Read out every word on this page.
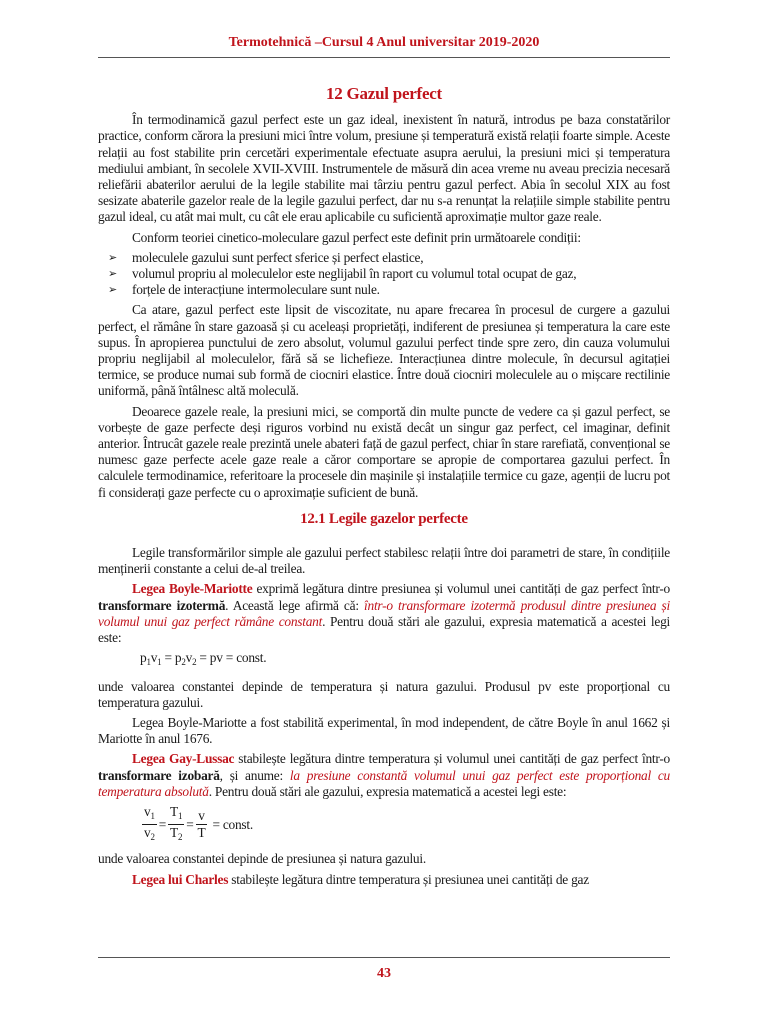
Termotehnică –Cursul 4 Anul universitar 2019-2020
12 Gazul perfect

În termodinamică gazul perfect este un gaz ideal, inexistent în natură, introdus pe baza constatărilor practice, conform cărora la presiuni mici între volum, presiune și temperatură există relații foarte simple. Aceste relații au fost stabilite prin cercetări experimentale efectuate asupra aerului, la presiuni mici și temperatura mediului ambiant, în secolele XVII-XVIII. Instrumentele de măsură din acea vreme nu aveau precizia necesară reliefării abaterilor aerului de la legile stabilite mai târziu pentru gazul perfect. Abia în secolul XIX au fost sesizate abaterile gazelor reale de la legile gazului perfect, dar nu s-a renunțat la relațiile simple stabilite pentru gazul ideal, cu atât mai mult, cu cât ele erau aplicabile cu suficientă aproximație multor gaze reale.

Conform teoriei cinetico-moleculare gazul perfect este definit prin următoarele condiții:

➢ moleculele gazului sunt perfect sferice și perfect elastice,
➢ volumul propriu al moleculelor este neglijabil în raport cu volumul total ocupat de gaz,
➢ forțele de interacțiune intermoleculare sunt nule.

Ca atare, gazul perfect este lipsit de viscozitate, nu apare frecarea în procesul de curgere a gazului perfect, el rămâne în stare gazoasă și cu aceleași proprietăți, indiferent de presiunea și temperatura la care este supus. În apropierea punctului de zero absolut, volumul gazului perfect tinde spre zero, din cauza volumului propriu neglijabil al moleculelor, fără să se lichefieze. Interacțiunea dintre molecule, în decursul agitației termice, se produce numai sub formă de ciocniri elastice. Între două ciocniri moleculele au o mișcare rectilinie uniformă, până întâlnesc altă moleculă.

Deoarece gazele reale, la presiuni mici, se comportă din multe puncte de vedere ca și gazul perfect, se vorbește de gaze perfecte deși riguros vorbind nu există decât un singur gaz perfect, cel imaginar, definit anterior. Întrucât gazele reale prezintă unele abateri față de gazul perfect, chiar în stare rarefiată, convențional se numesc gaze perfecte acele gaze reale a căror comportare se apropie de comportarea gazului perfect. În calculele termodinamice, referitoare la procesele din mașinile și instalațiile termice cu gaze, agenții de lucru pot fi considerați gaze perfecte cu o aproximație suficient de bună.

12.1 Legile gazelor perfecte

Legile transformărilor simple ale gazului perfect stabilesc relații între doi parametri de stare, în condițiile menținerii constante a celui de-al treilea.

Legea Boyle-Mariotte exprimă legătura dintre presiunea și volumul unei cantități de gaz perfect într-o transformare izotermă. Această lege afirmă că: într-o transformare izotermă produsul dintre presiunea și volumul unui gaz perfect rămâne constant. Pentru două stări ale gazului, expresia matematică a acestei legi este:

$p_1v_1 = p_2v_2$ = pv = const.

unde valoarea constantei depinde de temperatura și natura gazului. Produsul pv este proporțional cu temperatura gazului.

Legea Boyle-Mariotte a fost stabilită experimental, în mod independent, de către Boyle în anul 1662 și Mariotte în anul 1676.

Legea Gay-Lussac stabilește legătura dintre temperatura și volumul unei cantități de gaz perfect într-o transformare izobară, și anume: la presiune constantă volumul unui gaz perfect este proporțional cu temperatura absolută. Pentru două stări ale gazului, expresia matematică a acestei legi este:

$\frac{v_1}{v_2} = \frac{T_1}{T_2} = \frac{v}{T}$ = const.

unde valoarea constantei depinde de presiunea și natura gazului.

Legea lui Charles stabilește legătura dintre temperatura și presiunea unei cantități de gaz

43
